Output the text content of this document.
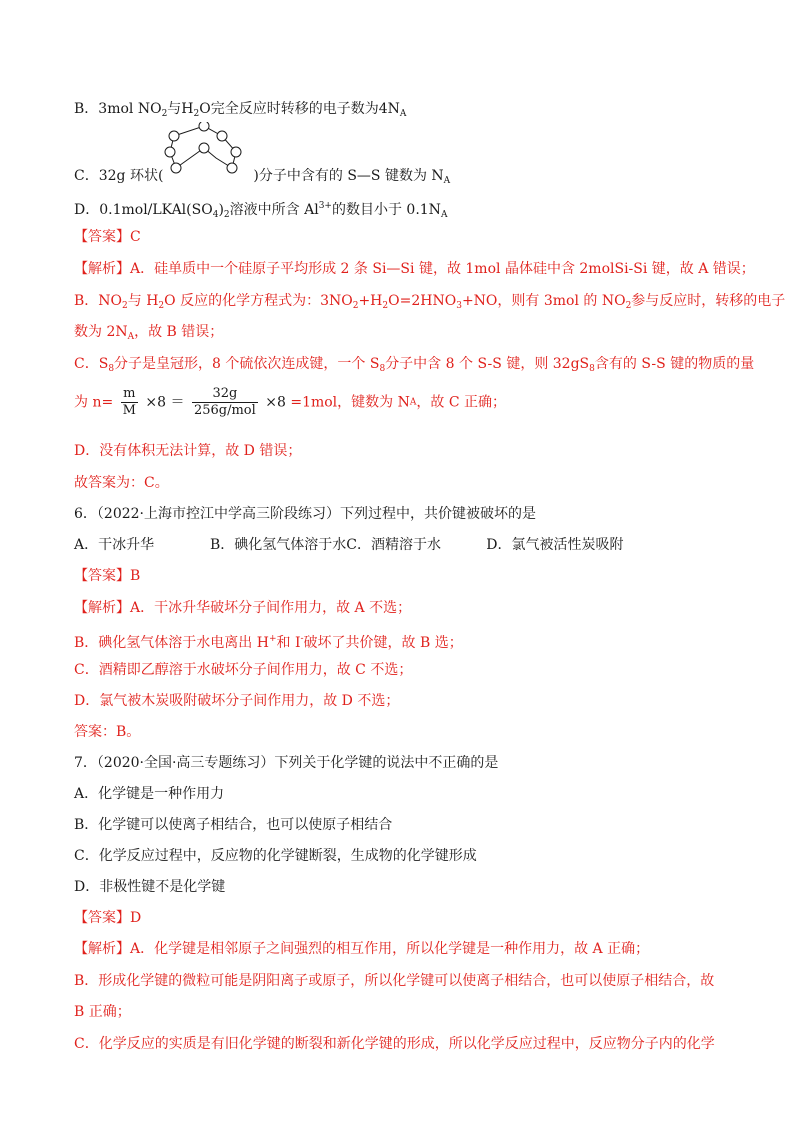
B．3mol $NO_2$与$H_2O$完全反应时转移的电子数为$4N_A$
C．32g 环状(	)分子中含有的 S—S 键数为 $N_A$
D．$0.1mol/LKAl(SO_4)_2$溶液中所含 $Al^{3+}$的数目小于 $0.1N_A$
【答案】C
【解析】A．硅单质中一个硅原子平均形成 2 条 Si—Si 键，故 1mol 晶体硅中含 2molSi-Si 键，故 A 错误；
B．$NO_2$与 $H_2O$ 反应的化学方程式为：$3NO_2+H_2O=2HNO_3+NO$，则有 3mol 的 $NO_2$参与反应时，转移的电子
数为 $2N_A$，故 B 错误；
C．$S_8$分子是皇冠形，8 个硫依次连成键，一个 $S_8$分子中含 8 个 S-S 键，则 $32gS_8$含有的 S-S 键的物质的量
为 $n= \frac{m}{M} \times 8 = \frac{32g}{\text{256g/mol}} \times 8 =1mol$，键数为 NA，故 C 正确；
D．没有体积无法计算，故 D 错误；
故答案为：C。
6．（2022·上海市控江中学高三阶段练习）下列过程中，共价键被破坏的是
A．干冰升华	B．碘化氢气体溶于水C．酒精溶于水	D．氯气被活性炭吸附
【答案】B
【解析】A．干冰升华破坏分子间作用力，故 A 不选；
B．碘化氢气体溶于水电离出 H+和 I-破坏了共价键，故 B 选；
C．酒精即乙醇溶于水破坏分子间作用力，故 C 不选；
D．氯气被木炭吸附破坏分子间作用力，故 D 不选；
答案：B。
7．（2020·全国·高三专题练习）下列关于化学键的说法中不正确的是
A．化学键是一种作用力
B．化学键可以使离子相结合，也可以使原子相结合
C．化学反应过程中，反应物的化学键断裂，生成物的化学键形成
D．非极性键不是化学键
【答案】D
【解析】A．化学键是相邻原子之间强烈的相互作用，所以化学键是一种作用力，故 A 正确；
B．形成化学键的微粒可能是阴阳离子或原子，所以化学键可以使离子相结合，也可以使原子相结合，故
B 正确；
C．化学反应的实质是有旧化学键的断裂和新化学键的形成，所以化学反应过程中，反应物分子内的化学
